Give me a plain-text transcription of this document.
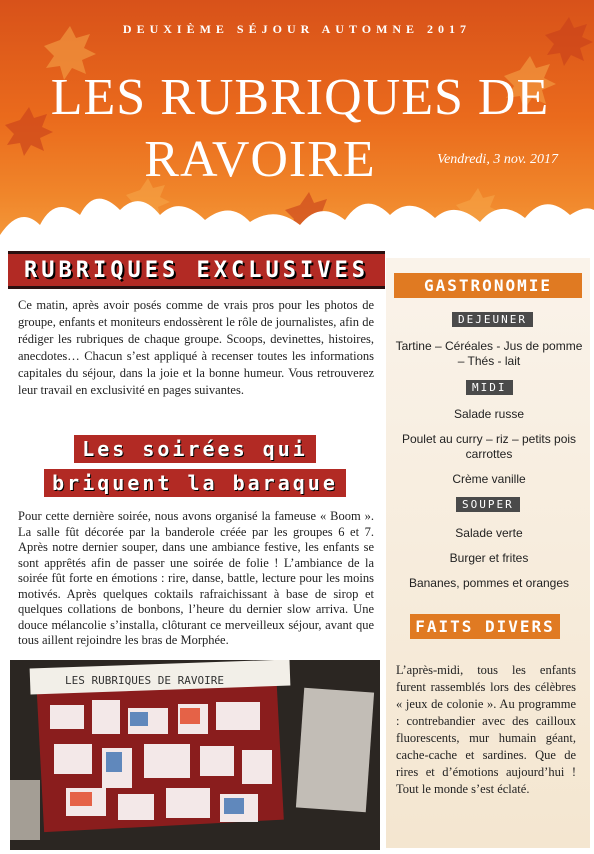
DEUXIÈME SÉJOUR AUTOMNE 2017
LES RUBRIQUES DE
RAVOIRE	Vendredi, 3 nov. 2017
RUBRIQUES EXCLUSIVES

Ce matin, après avoir posés comme de vrais pros pour les photos de groupe, enfants et moniteurs endossèrent le rôle de journalistes, afin de rédiger les rubriques de chaque groupe. Scoops, devinettes, histoires, anecdotes… Chacun s’est appliqué à recenser toutes les informations capitales du séjour, dans la joie et la bonne humeur. Vous retrouverez leur travail en exclusivité en pages suivantes.

Les soirées qui
briquent la baraque

Pour cette dernière soirée, nous avons organisé la fameuse « Boom ». La salle fût décorée par la banderole créée par les groupes 6 et 7. Après notre dernier souper, dans une ambiance festive, les enfants se sont apprêtés afin de passer une soirée de folie ! L’ambiance de la soirée fût forte en émotions : rire, danse, battle, lecture pour les moins motivés. Après quelques coktails rafraichissant à base de sirop et quelques collations de bonbons, l’heure du dernier slow arriva. Une douce mélancolie s’installa, clôturant ce merveilleux séjour, avant que tous aillent rejoindre les bras de Morphée.

LES RUBRIQUES DE RAVOIRE
GASTRONOMIE
DEJEUNER
Tartine – Céréales - Jus de pomme – Thés - lait
MIDI
Salade russe
Poulet au curry – riz – petits pois carrottes
Crème vanille
SOUPER
Salade verte
Burger et frites
Bananes, pommes et oranges
FAITS DIVERS

L’après-midi, tous les enfants furent rassemblés lors des célèbres « jeux de colonie ». Au programme : contrebandier avec des cailloux fluorescents, mur humain géant, cache-cache et sardines. Que de rires et d’émotions aujourd’hui ! Tout le monde s’est éclaté.
